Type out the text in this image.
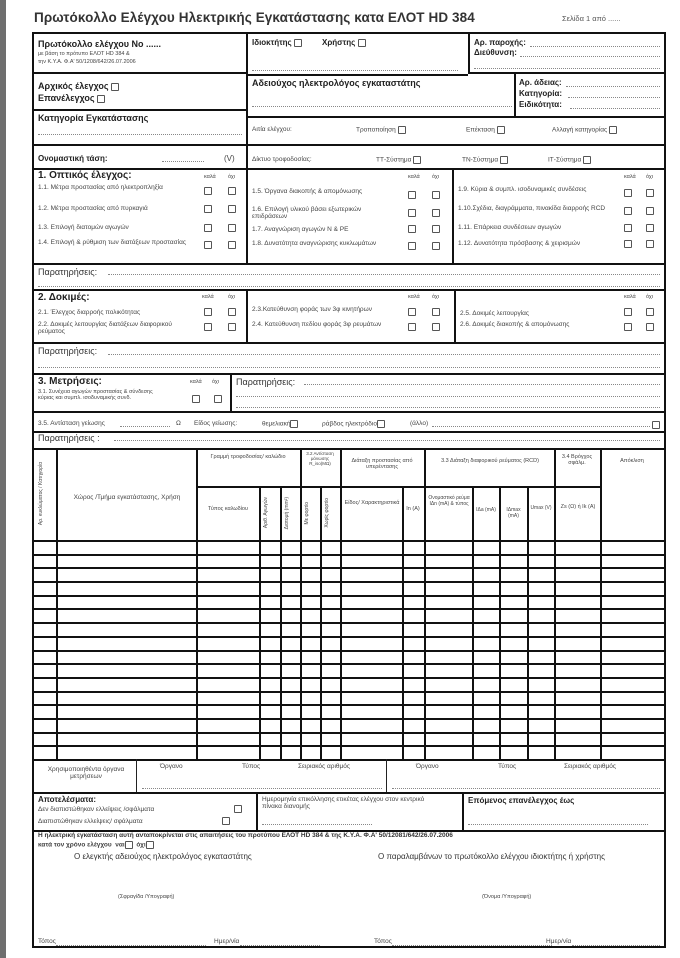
Πρωτόκολλο Ελέγχου Ηλεκτρικής Εγκατάστασης κατα ΕΛΟΤ HD 384	Σελίδα 1 από ......
Πρωτόκολλο ελέγχου Νο ......
με βάση το πρότυπο ΕΛΟΤ HD 384 &
την Κ.Υ.Α. Φ.Α' 50/1208/642/26.07.2006
Ιδιοκτήτης	Χρήστης	Αρ. παροχής:
Διεύθυνση:
Αρχικός έλεγχος
Επανέλεγχος
Αδειούχος ηλεκτρολόγος εγκαταστάτης	Αρ. άδειας:
Κατηγορία:
Ειδικότητα:
Κατηγορία Εγκατάστασης
Αιτία ελέγχου:	Τροποποίηση	Επέκταση	Αλλαγή κατηγορίας
Ονομαστική τάση:	(V)	Δίκτυο τροφοδοσίας:	ΤΤ-Σύστημα	ΤΝ-Σύστημα	ΙΤ-Σύστημα
1. Οπτικός έλεγχος:	καλά όχι	καλά όχι	καλά όχι
1.1. Μέτρα προστασίας από ηλεκτροπληξία
1.2. Μέτρα προστασίας από πυρκαγιά
1.3. Επιλογή διατομών αγωγών
1.4. Επιλογή & ρύθμιση των διατάξεων προστασίας
1.5. Όργανα διακοπής & απομόνωσης
1.6. Επιλογή υλικού βάσει εξωτερικών επιδράσεων
1.7. Αναγνώριση αγωγών Ν & PE
1.8. Δυνατότητα αναγνώρισης κυκλωμάτων
1.9. Κύρια & συμπλ. ισοδυναμικές συνδέσεις
1.10.Σχέδια, διαγράμματα, πινακίδα διαρροής RCD
1.11. Επάρκεια συνδέσεων αγωγών
1.12. Δυνατότητα πρόσβασης & χειρισμών
Παρατηρήσεις:
2. Δοκιμές:	καλά	όχι	καλά όχι	καλά όχι
2.1. Έλεγχος διαρροής πολικότητας
2.2. Δοκιμές λειτουργίας διατάξεων διαφορικού ρεύματος
2.3.Κατεύθυνση φοράς των 3φ κινητήρων
2.4. Κατεύθυνση πεδίου φοράς 3φ ρευμάτων
2.5. Δοκιμές λειτουργίας
2.6. Δοκιμές διακοπής & απομόνωσης
Παρατηρήσεις:
3. Μετρήσεις:	καλά όχι
3.1. Συνέχεια αγωγών προστασίας & σύνδεσης κύριας και συμπλ. ισοδυναμικής συνδ.
Παρατηρήσεις:
3.5. Αντίσταση γείωσης	Ω Είδος γείωσης:	θεμελιακή	ράβδος ηλεκτρόδιο	(άλλο)
Παρατηρήσεις :
Αρ. κυκλώματος / Κατηγορία	Χώρος /Τμήμα εγκατάστασης, Χρήση
Γραμμή τροφοδοσίας/ καλώδιο
Τύπος καλωδίου	Αριθ. Αγωγών	Διατομή (mm²)
3.2 Αντίσταση μόνωσης R_iso(MΩ)
Με φορτίο	Χωρίς φορτίο
Διάταξη προστασίας από υπερέντασης
Είδος/ Χαρακτηριστικά
In (A)
3.3 Διάταξη διαφορικού ρεύματος (RCD)
Ονομαστικό ρεύμα IΔn (mA) & τύπος
IΔa (mA)	IΔmax (mA)
Umax (V)
3.4 Βρόγχος σφάλμ.
Zs (Ω) ή Ik (A)
Απόκλιση
Χρησιμοποιηθέντα όργανα μετρήσεων
Όργανο	Τύπος	Σειριακός αριθμός	Όργανο	Τύπος	Σειριακός αριθμός
Αποτελέσματα:
Δεν διαπιστώθηκαν ελλείψεις /σφάλματα
Διαπιστώθηκαν ελλείψεις/ σφάλματα
Ημερομηνία επικόλλησης ετικέτας ελέγχου στον κεντρικό πίνακα διανομής
Επόμενος επανέλεγχος έως
Η ηλεκτρική εγκατάσταση αυτή ανταποκρίνεται στις απαιτήσεις του προτύπου ΕΛΟΤ HD 384 & της Κ.Υ.Α. Φ.Α' 50/12081/642/26.07.2006
κατά τον χρόνο ελέγχου ναι όχι
Ο ελεγκτής αδειούχος ηλεκτρολόγος εγκαταστάτης	Ο παραλαμβάνων το πρωτόκολλο ελέγχου ιδιοκτήτης ή χρήστης
(Σφραγίδα /Υπογραφή)	(Όνομα /Υπογραφή)
Τόπος	Ημερ/νία	Τόπος	Ημερ/νία
